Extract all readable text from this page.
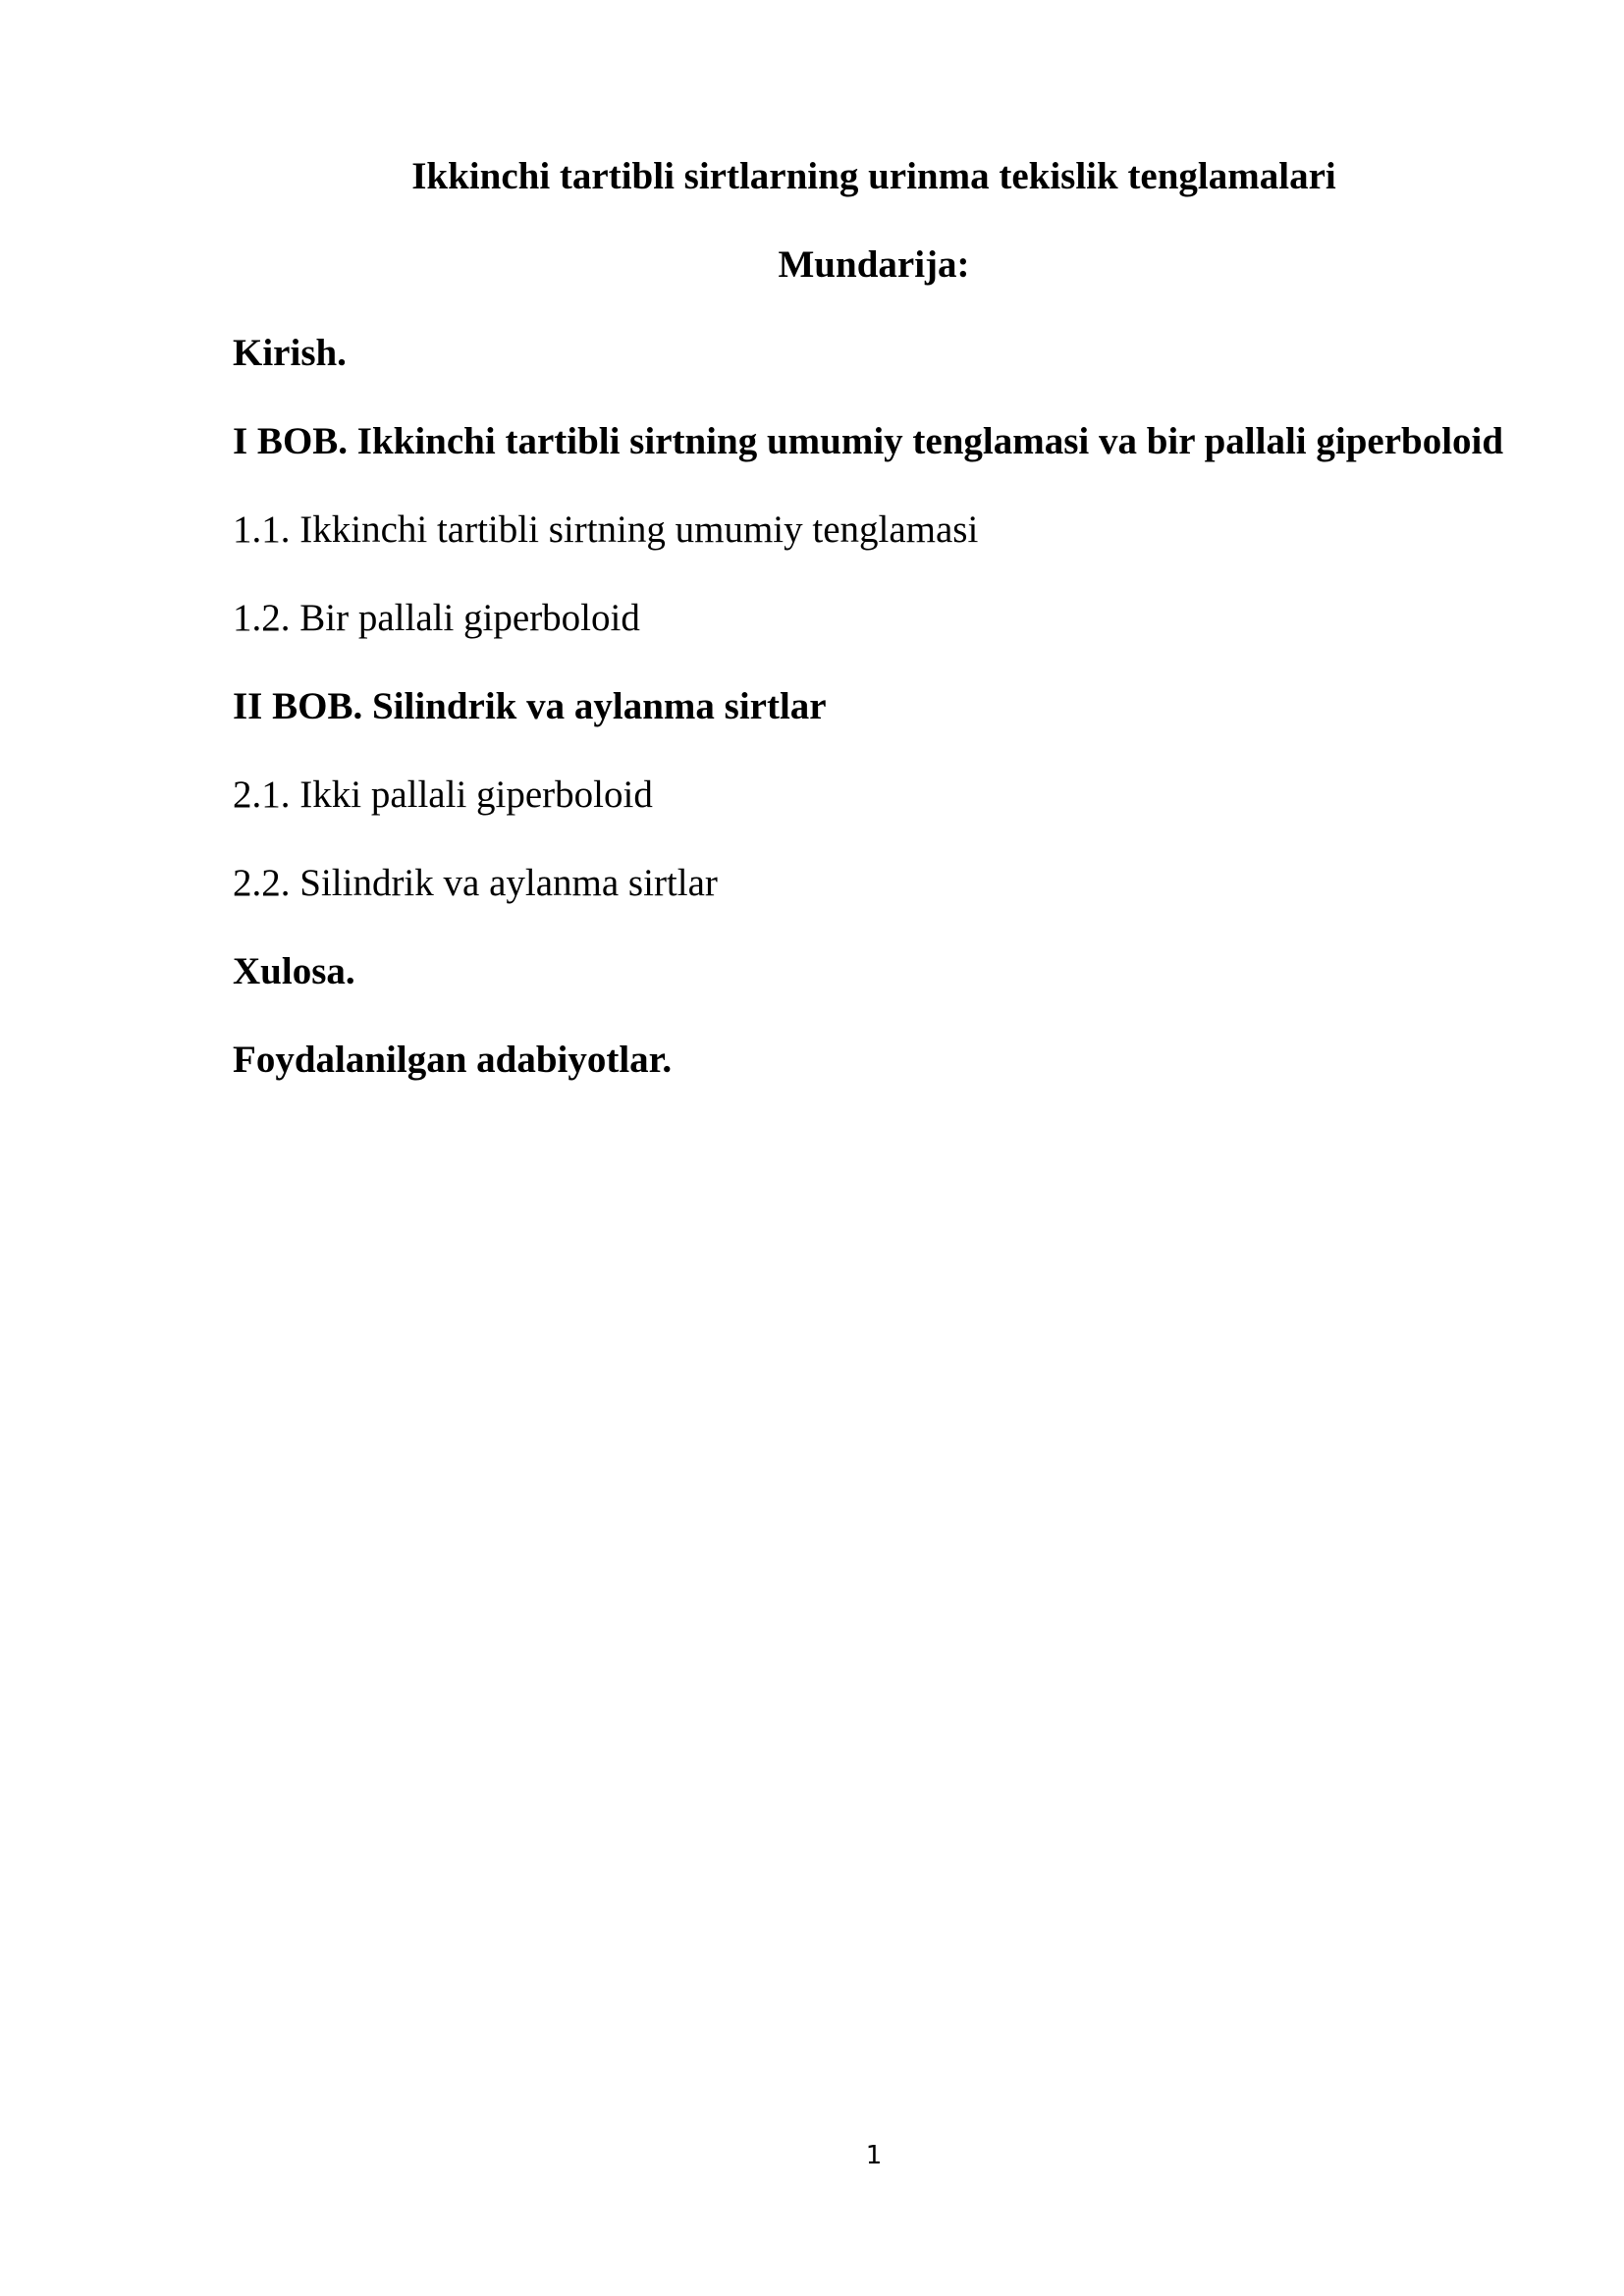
Ikkinchi tartibli sirtlarning urinma tekislik tenglamalari
Mundarija:
Kirish.
I BOB. Ikkinchi tartibli sirtning umumiy tenglamasi va bir pallali giperboloid
1.1. Ikkinchi tartibli sirtning umumiy tenglamasi
1.2. Bir pallali giperboloid
II BOB. Silindrik va aylanma sirtlar
2.1. Ikki pallali giperboloid
2.2. Silindrik va aylanma sirtlar
Xulosa.
Foydalanilgan adabiyotlar.
1
